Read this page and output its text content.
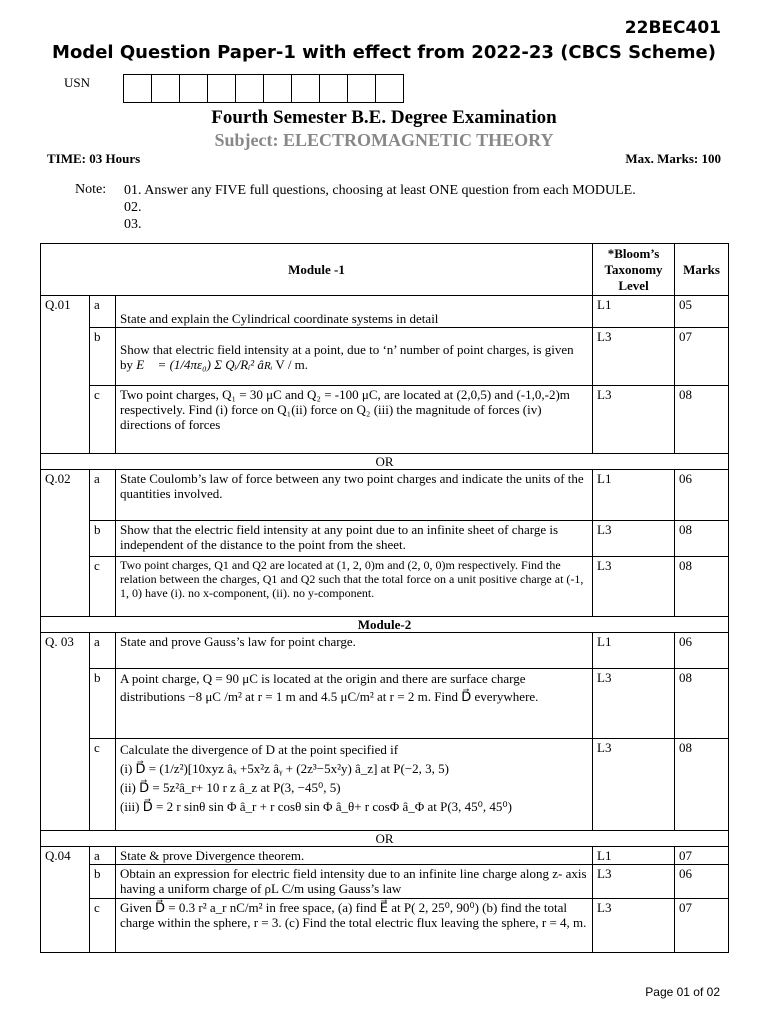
22BEC401
Model Question Paper-1 with effect from 2022-23 (CBCS Scheme)
USN
Fourth Semester B.E. Degree Examination
Subject: ELECTROMAGNETIC THEORY
TIME: 03 Hours	Max. Marks: 100
Note: 01. Answer any FIVE full questions, choosing at least ONE question from each MODULE.
02.
03.
Module -1			*Bloom’s Taxonomy Level	Marks
Q.01	a	State and explain the Cylindrical coordinate systems in detail	L1	05
	b	Show that electric field intensity at a point, due to ‘n’ number of point charges, is given by E⃗ = (1/4πε₀) Σ Qᵢ/Rᵢ² âRᵢ V / m.	L3	07
	c	Two point charges, Q₁ = 30 μC and Q₂ = -100 μC, are located at (2,0,5) and (-1,0,-2)m respectively. Find (i) force on Q₁(ii) force on Q₂ (iii) the magnitude of forces (iv) directions of forces	L3	08
OR				
Q.02	a	State Coulomb’s law of force between any two point charges and indicate the units of the quantities involved.	L1	06
	b	Show that the electric field intensity at any point due to an infinite sheet of charge is independent of the distance to the point from the sheet.	L3	08
	c	Two point charges, Q1 and Q2 are located at (1, 2, 0)m and (2, 0, 0)m respectively. Find the relation between the charges, Q1 and Q2 such that the total force on a unit positive charge at (-1, 1, 0) have (i). no x-component, (ii). no y-component.	L3	08
Module-2				
Q. 03	a	State and prove Gauss’s law for point charge.	L1	06
	b	A point charge, Q = 90 μC is located at the origin and there are surface charge distributions −8 μC /m² at r = 1 m and 4.5 μC/m² at r = 2 m. Find D⃗ everywhere.	L3	08
	c	Calculate the divergence of D at the point specified if
(i) D⃗ = (1/z²)[10xyz âₓ +5x²z âᵧ + (2z³−5x²y) â_z] at P(−2, 3, 5)
(ii) D⃗ = 5z²â_r+ 10 r z â_z at P(3, −45⁰, 5)
(iii) D⃗ = 2 r sinθ sin Φ â_r + r cosθ sin Φ â_θ+ r cosΦ â_Φ at P(3, 45⁰, 45⁰)	L3	08
OR				
Q.04	a	State & prove Divergence theorem.	L1	07
	b	Obtain an expression for electric field intensity due to an infinite line charge along z- axis having a uniform charge of ρL C/m using Gauss’s law	L3	06
	c	Given D⃗ = 0.3 r² a_r nC/m² in free space, (a) find E⃗ at P( 2, 25⁰, 90⁰) (b) find the total charge within the sphere, r = 3. (c) Find the total electric flux leaving the sphere, r = 4, m.	L3	07
Page 01 of 02
